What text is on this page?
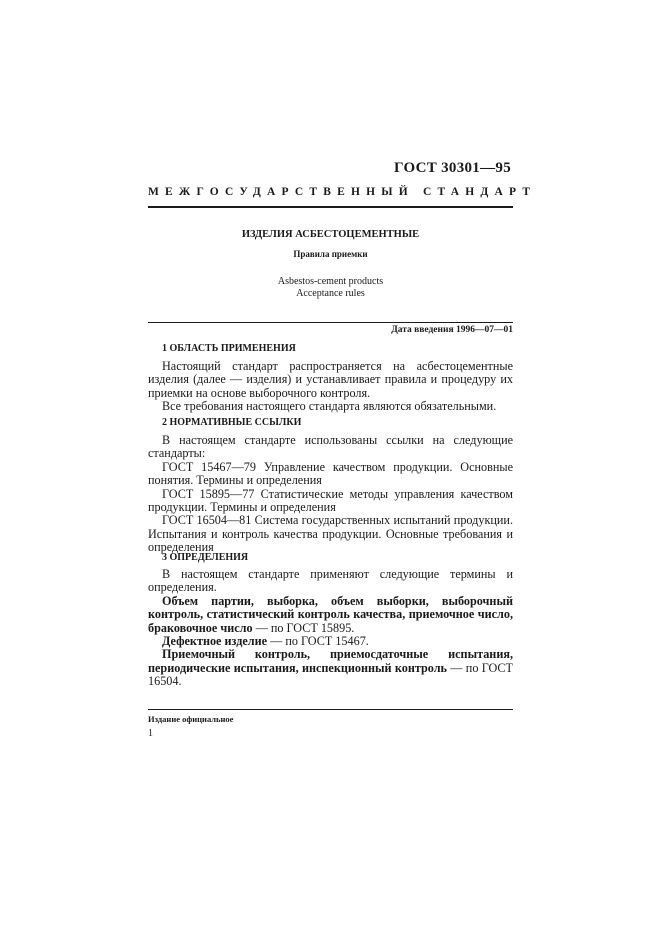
ГОСТ 30301—95
МЕЖГОСУДАРСТВЕННЫЙ СТАНДАРТ
ИЗДЕЛИЯ АСБЕСТОЦЕМЕНТНЫЕ
Правила приемки
Asbestos-cement products
Acceptance rules
Дата введения 1996—07—01
1 ОБЛАСТЬ ПРИМЕНЕНИЯ

Настоящий стандарт распространяется на асбестоцементные изделия (далее — изделия) и устанавливает правила и процедуру их приемки на основе выборочного контроля.

Все требования настоящего стандарта являются обязательными.

2 НОРМАТИВНЫЕ ССЫЛКИ

В настоящем стандарте использованы ссылки на следующие стандарты:

ГОСТ 15467—79 Управление качеством продукции. Основные понятия. Термины и определения

ГОСТ 15895—77 Статистические методы управления качеством продукции. Термины и определения

ГОСТ 16504—81 Система государственных испытаний продукции. Испытания и контроль качества продукции. Основные требования и определения

3 ОПРЕДЕЛЕНИЯ

В настоящем стандарте применяют следующие термины и определения.

Объем партии, выборка, объем выборки, выборочный контроль, статистический контроль качества, приемочное число, браковочное число — по ГОСТ 15895.

Дефектное изделие — по ГОСТ 15467.

Приемочный контроль, приемосдаточные испытания, периодические испытания, инспекционный контроль — по ГОСТ 16504.

Издание официальное
1
